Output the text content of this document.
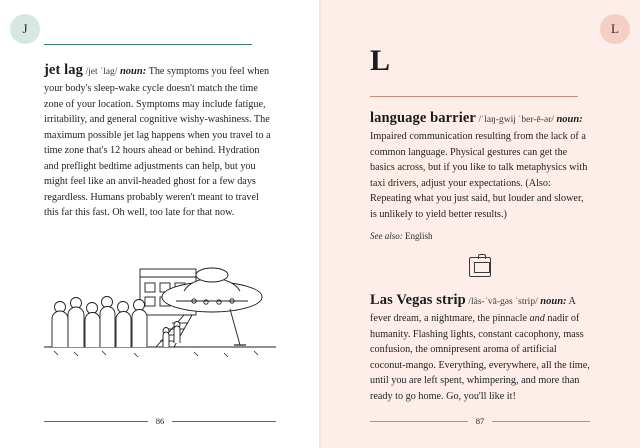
J

jet lag /jet ˈlag/ noun: The symptoms you feel when your body's sleep-wake cycle doesn't match the time zone of your location. Symptoms may include fatigue, irritability, and general cognitive wishy-washiness. The maximum possible jet lag happens when you travel to a time zone that's 12 hours ahead or behind. Hydration and preflight bedtime adjustments can help, but you might feel like an anvil-headed ghost for a few days regardless. Humans probably weren't meant to travel this far this fast. Oh well, too late for that now.

86
L
L

language barrier /ˈlaŋ-gwij ˈber-ē-ər/ noun: Impaired communication resulting from the lack of a common language. Physical gestures can get the basics across, but if you like to talk metaphysics with taxi drivers, adjust your expectations. (Also: Repeating what you just said, but louder and slower, is unlikely to yield better results.)

See also: English

Las Vegas strip /läs-ˈvā-gəs ˈstrip/ noun: A fever dream, a nightmare, the pinnacle and nadir of humanity. Flashing lights, constant cacophony, mass confusion, the omnipresent aroma of artificial coconut-mango. Everything, everywhere, all the time, until you are left spent, whimpering, and more than ready to go home. Go, you'll like it!

87
